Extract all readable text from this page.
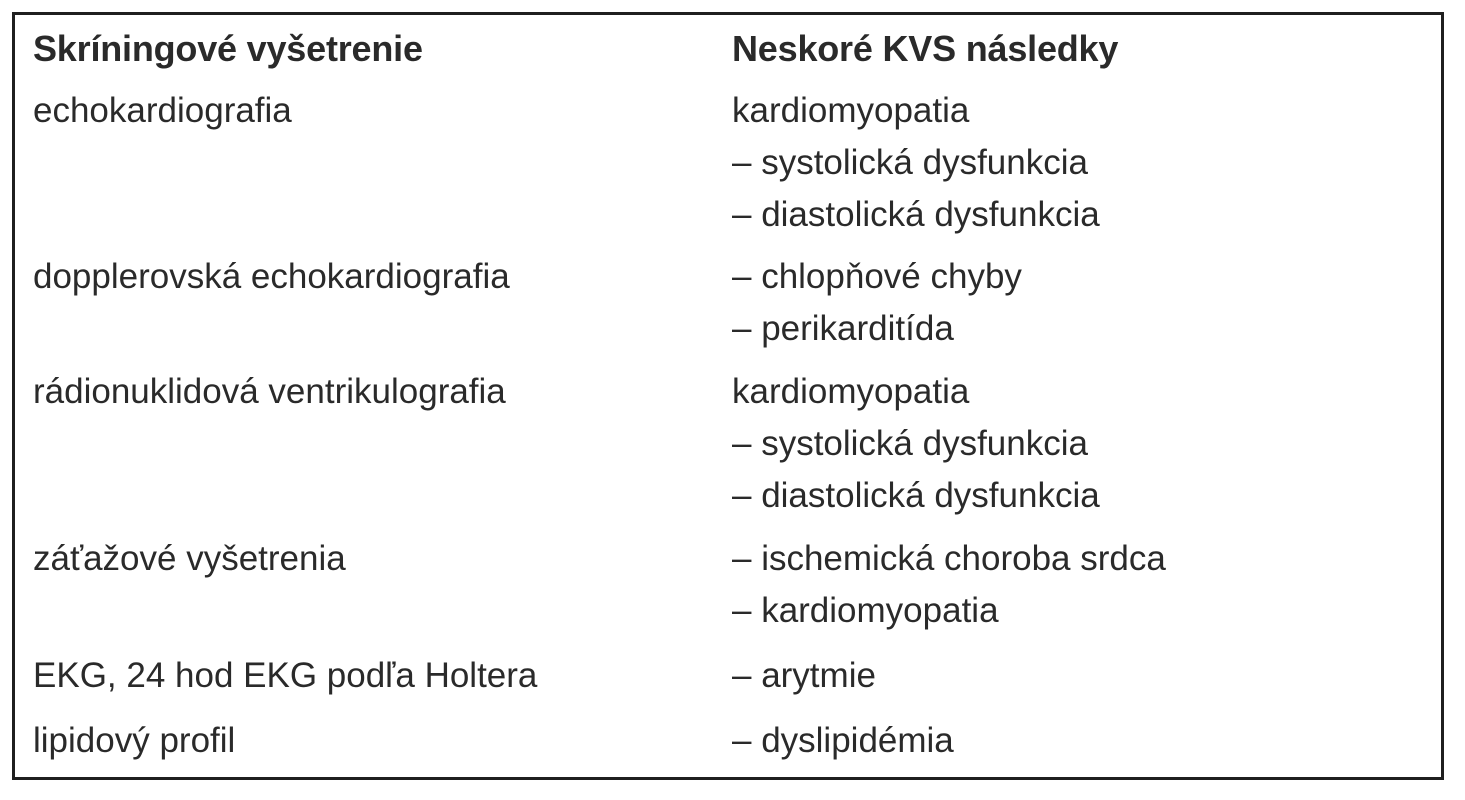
Skríningové vyšetrenie	Neskoré KVS následky
echokardiografia	kardiomyopatia
– systolická dysfunkcia
– diastolická dysfunkcia
dopplerovská echokardiografia	– chlopňové chyby
– perikarditída
rádionuklidová ventrikulografia	kardiomyopatia
– systolická dysfunkcia
– diastolická dysfunkcia
záťažové vyšetrenia	– ischemická choroba srdca
– kardiomyopatia
EKG, 24 hod EKG podľa Holtera	– arytmie
lipidový profil	– dyslipidémia
